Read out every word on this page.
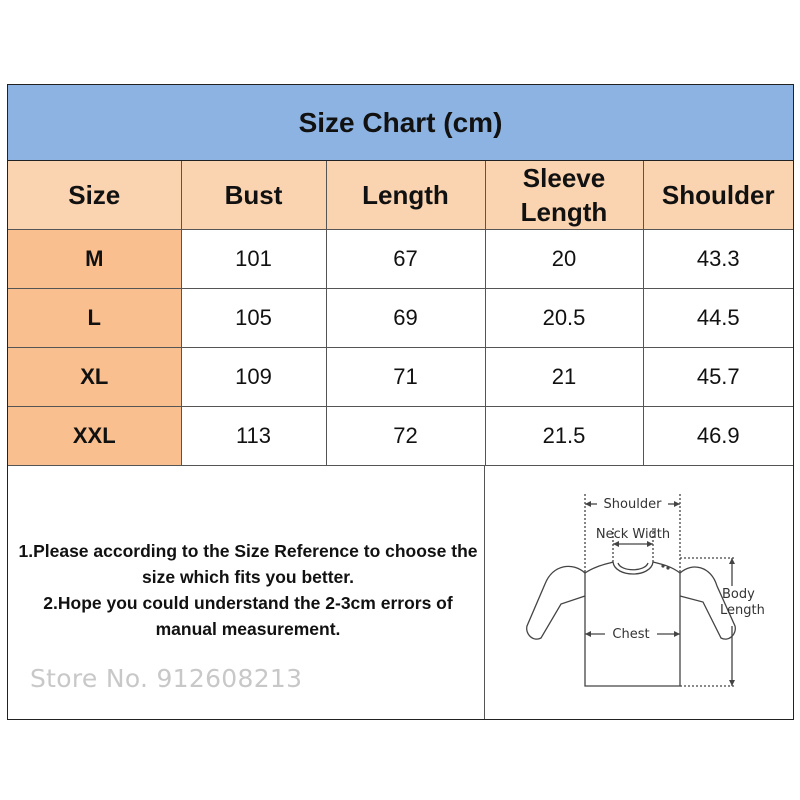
Size Chart (cm)
Size	Bust	Length	Sleeve Length	Shoulder
M	101	67	20	43.3
L	105	69	20.5	44.5
XL	109	71	21	45.7
XXL	113	72	21.5	46.9

1.Please according to the Size Reference to choose the size which fits you better.

2.Hope you could understand the 2-3cm errors of manual measurement.

Store No. 912608213
Shoulder
Neck Width
Chest
Body
Length
